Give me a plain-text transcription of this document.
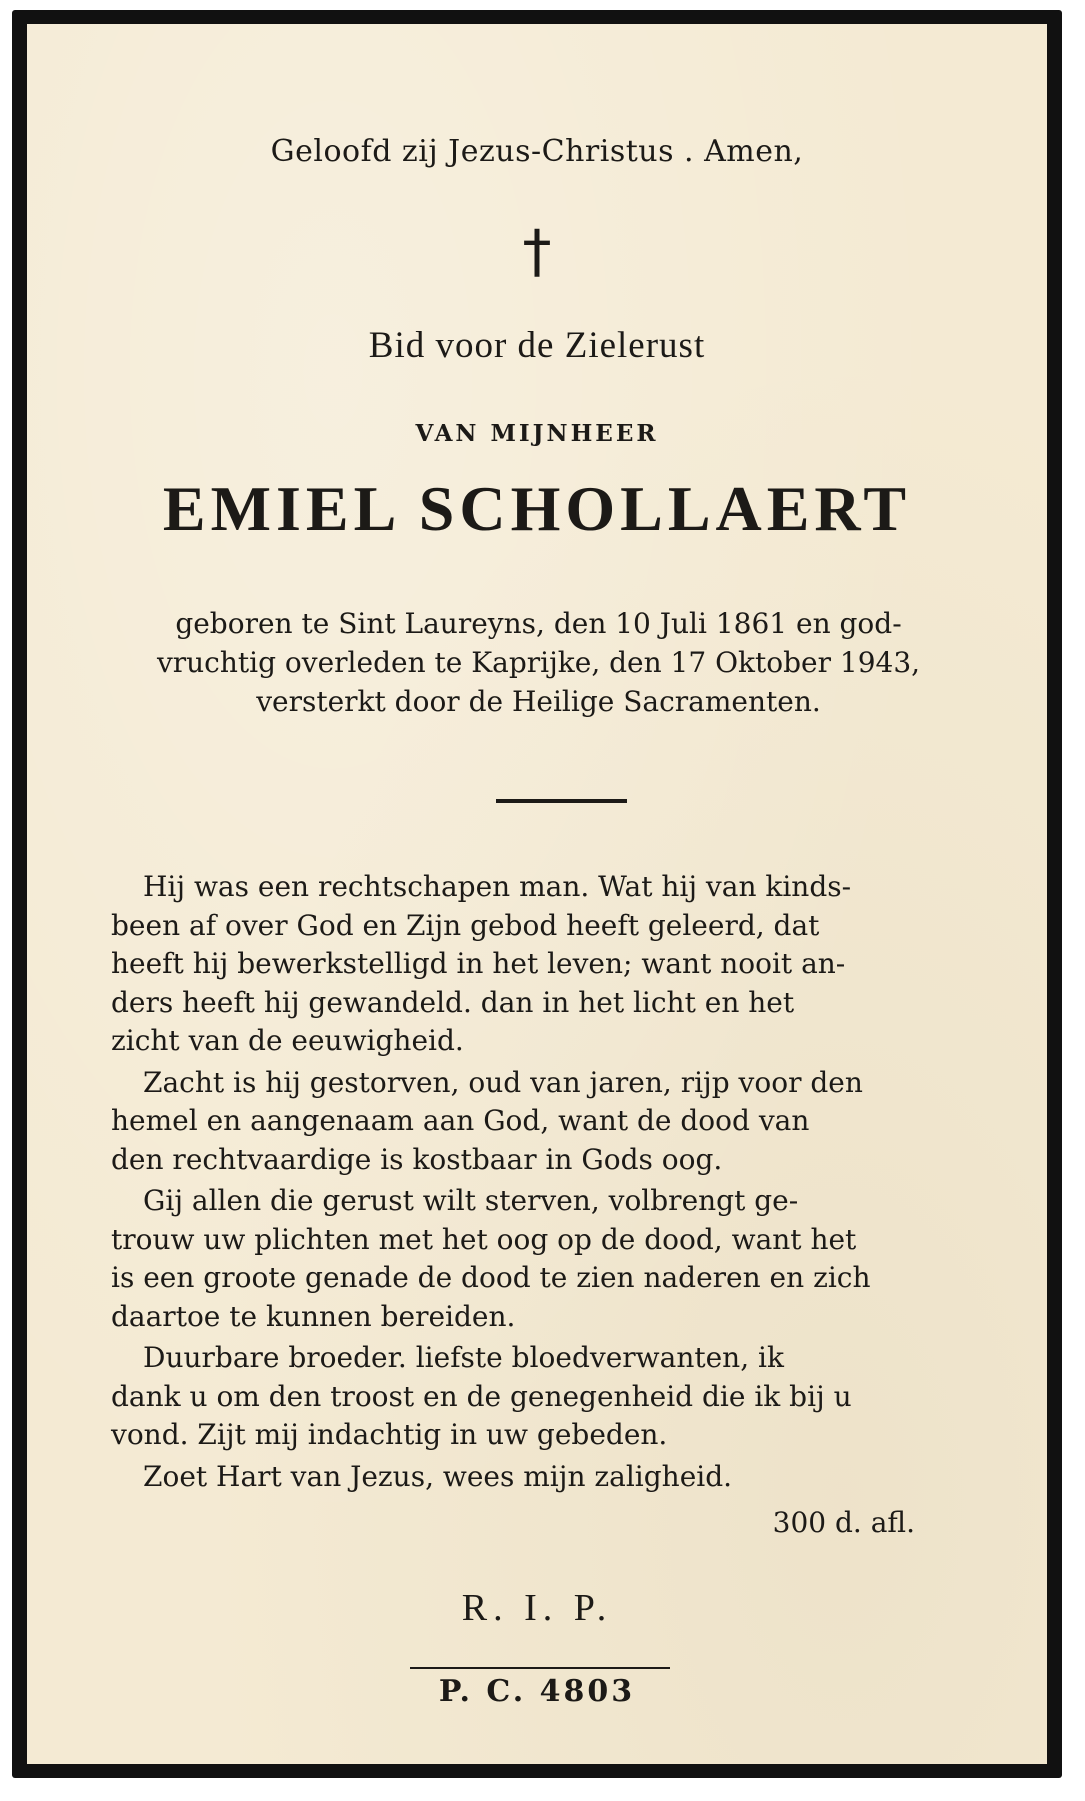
Geloofd zij Jezus-Christus . Amen,
†
Bid voor de Zielerust
VAN MIJNHEER
EMIEL SCHOLLAERT
geboren te Sint Laureyns, den 10 Juli 1861 en god-
vruchtig overleden te Kaprijke, den 17 Oktober 1943,
versterkt door de Heilige Sacramenten.
Hij was een rechtschapen man. Wat hij van kinds-
been af over God en Zijn gebod heeft geleerd, dat
heeft hij bewerkstelligd in het leven; want nooit an-
ders heeft hij gewandeld. dan in het licht en het
zicht van de eeuwigheid.
Zacht is hij gestorven, oud van jaren, rijp voor den
hemel en aangenaam aan God, want de dood van
den rechtvaardige is kostbaar in Gods oog.
Gij allen die gerust wilt sterven, volbrengt ge-
trouw uw plichten met het oog op de dood, want het
is een groote genade de dood te zien naderen en zich
daartoe te kunnen bereiden.
Duurbare broeder. liefste bloedverwanten, ik
dank u om den troost en de genegenheid die ik bij u
vond. Zijt mij indachtig in uw gebeden.
Zoet Hart van Jezus, wees mijn zaligheid.
300 d. afl.
R. I. P.
P. C. 4803
